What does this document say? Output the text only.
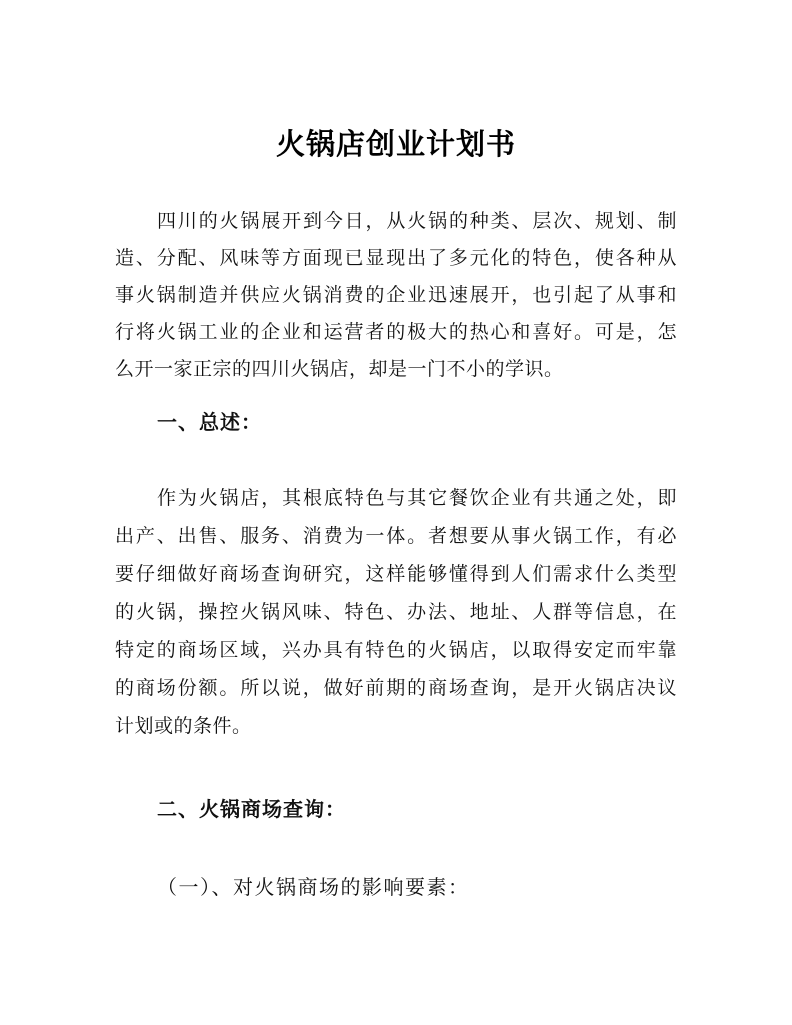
火锅店创业计划书
四川的火锅展开到今日，从火锅的种类、层次、规划、制
造、分配、风味等方面现已显现出了多元化的特色，使各种从
事火锅制造并供应火锅消费的企业迅速展开，也引起了从事和
行将火锅工业的企业和运营者的极大的热心和喜好。可是，怎
么开一家正宗的四川火锅店，却是一门不小的学识。
一、总述：
作为火锅店，其根底特色与其它餐饮企业有共通之处，即
出产、出售、服务、消费为一体。者想要从事火锅工作，有必
要仔细做好商场查询研究，这样能够懂得到人们需求什么类型
的火锅，操控火锅风味、特色、办法、地址、人群等信息，在
特定的商场区域，兴办具有特色的火锅店，以取得安定而牢靠
的商场份额。所以说，做好前期的商场查询，是开火锅店决议
计划或的条件。
二、火锅商场查询：
（一）、对火锅商场的影响要素：
